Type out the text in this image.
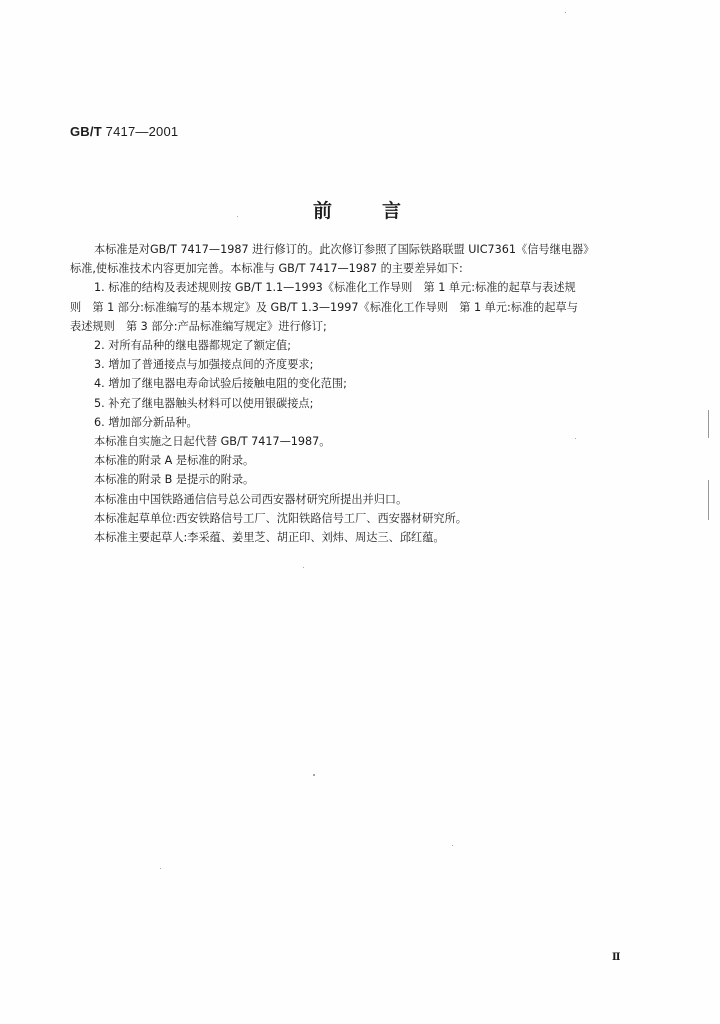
GB/T 7417—2001
前言

本标准是对GB/T 7417—1987 进行修订的。此次修订参照了国际铁路联盟 UIC7361《信号继电器》

标准,使标准技术内容更加完善。本标准与 GB/T 7417—1987 的主要差异如下:

1. 标准的结构及表述规则按 GB/T 1.1—1993《标准化工作导则　第 1 单元:标准的起草与表述规

则　第 1 部分:标准编写的基本规定》及 GB/T 1.3—1997《标准化工作导则　第 1 单元:标准的起草与

表述规则　第 3 部分:产品标准编写规定》进行修订;

2. 对所有品种的继电器都规定了额定值;

3. 增加了普通接点与加强接点间的齐度要求;

4. 增加了继电器电寿命试验后接触电阻的变化范围;

5. 补充了继电器触头材料可以使用银碳接点;

6. 增加部分新品种。

本标准自实施之日起代替 GB/T 7417—1987。

本标准的附录 A 是标准的附录。

本标准的附录 B 是提示的附录。

本标准由中国铁路通信信号总公司西安器材研究所提出并归口。

本标准起草单位:西安铁路信号工厂、沈阳铁路信号工厂、西安器材研究所。

本标准主要起草人:李采蕴、姜里芝、胡正印、刘炜、周达三、邱红蕴。

Ⅱ
